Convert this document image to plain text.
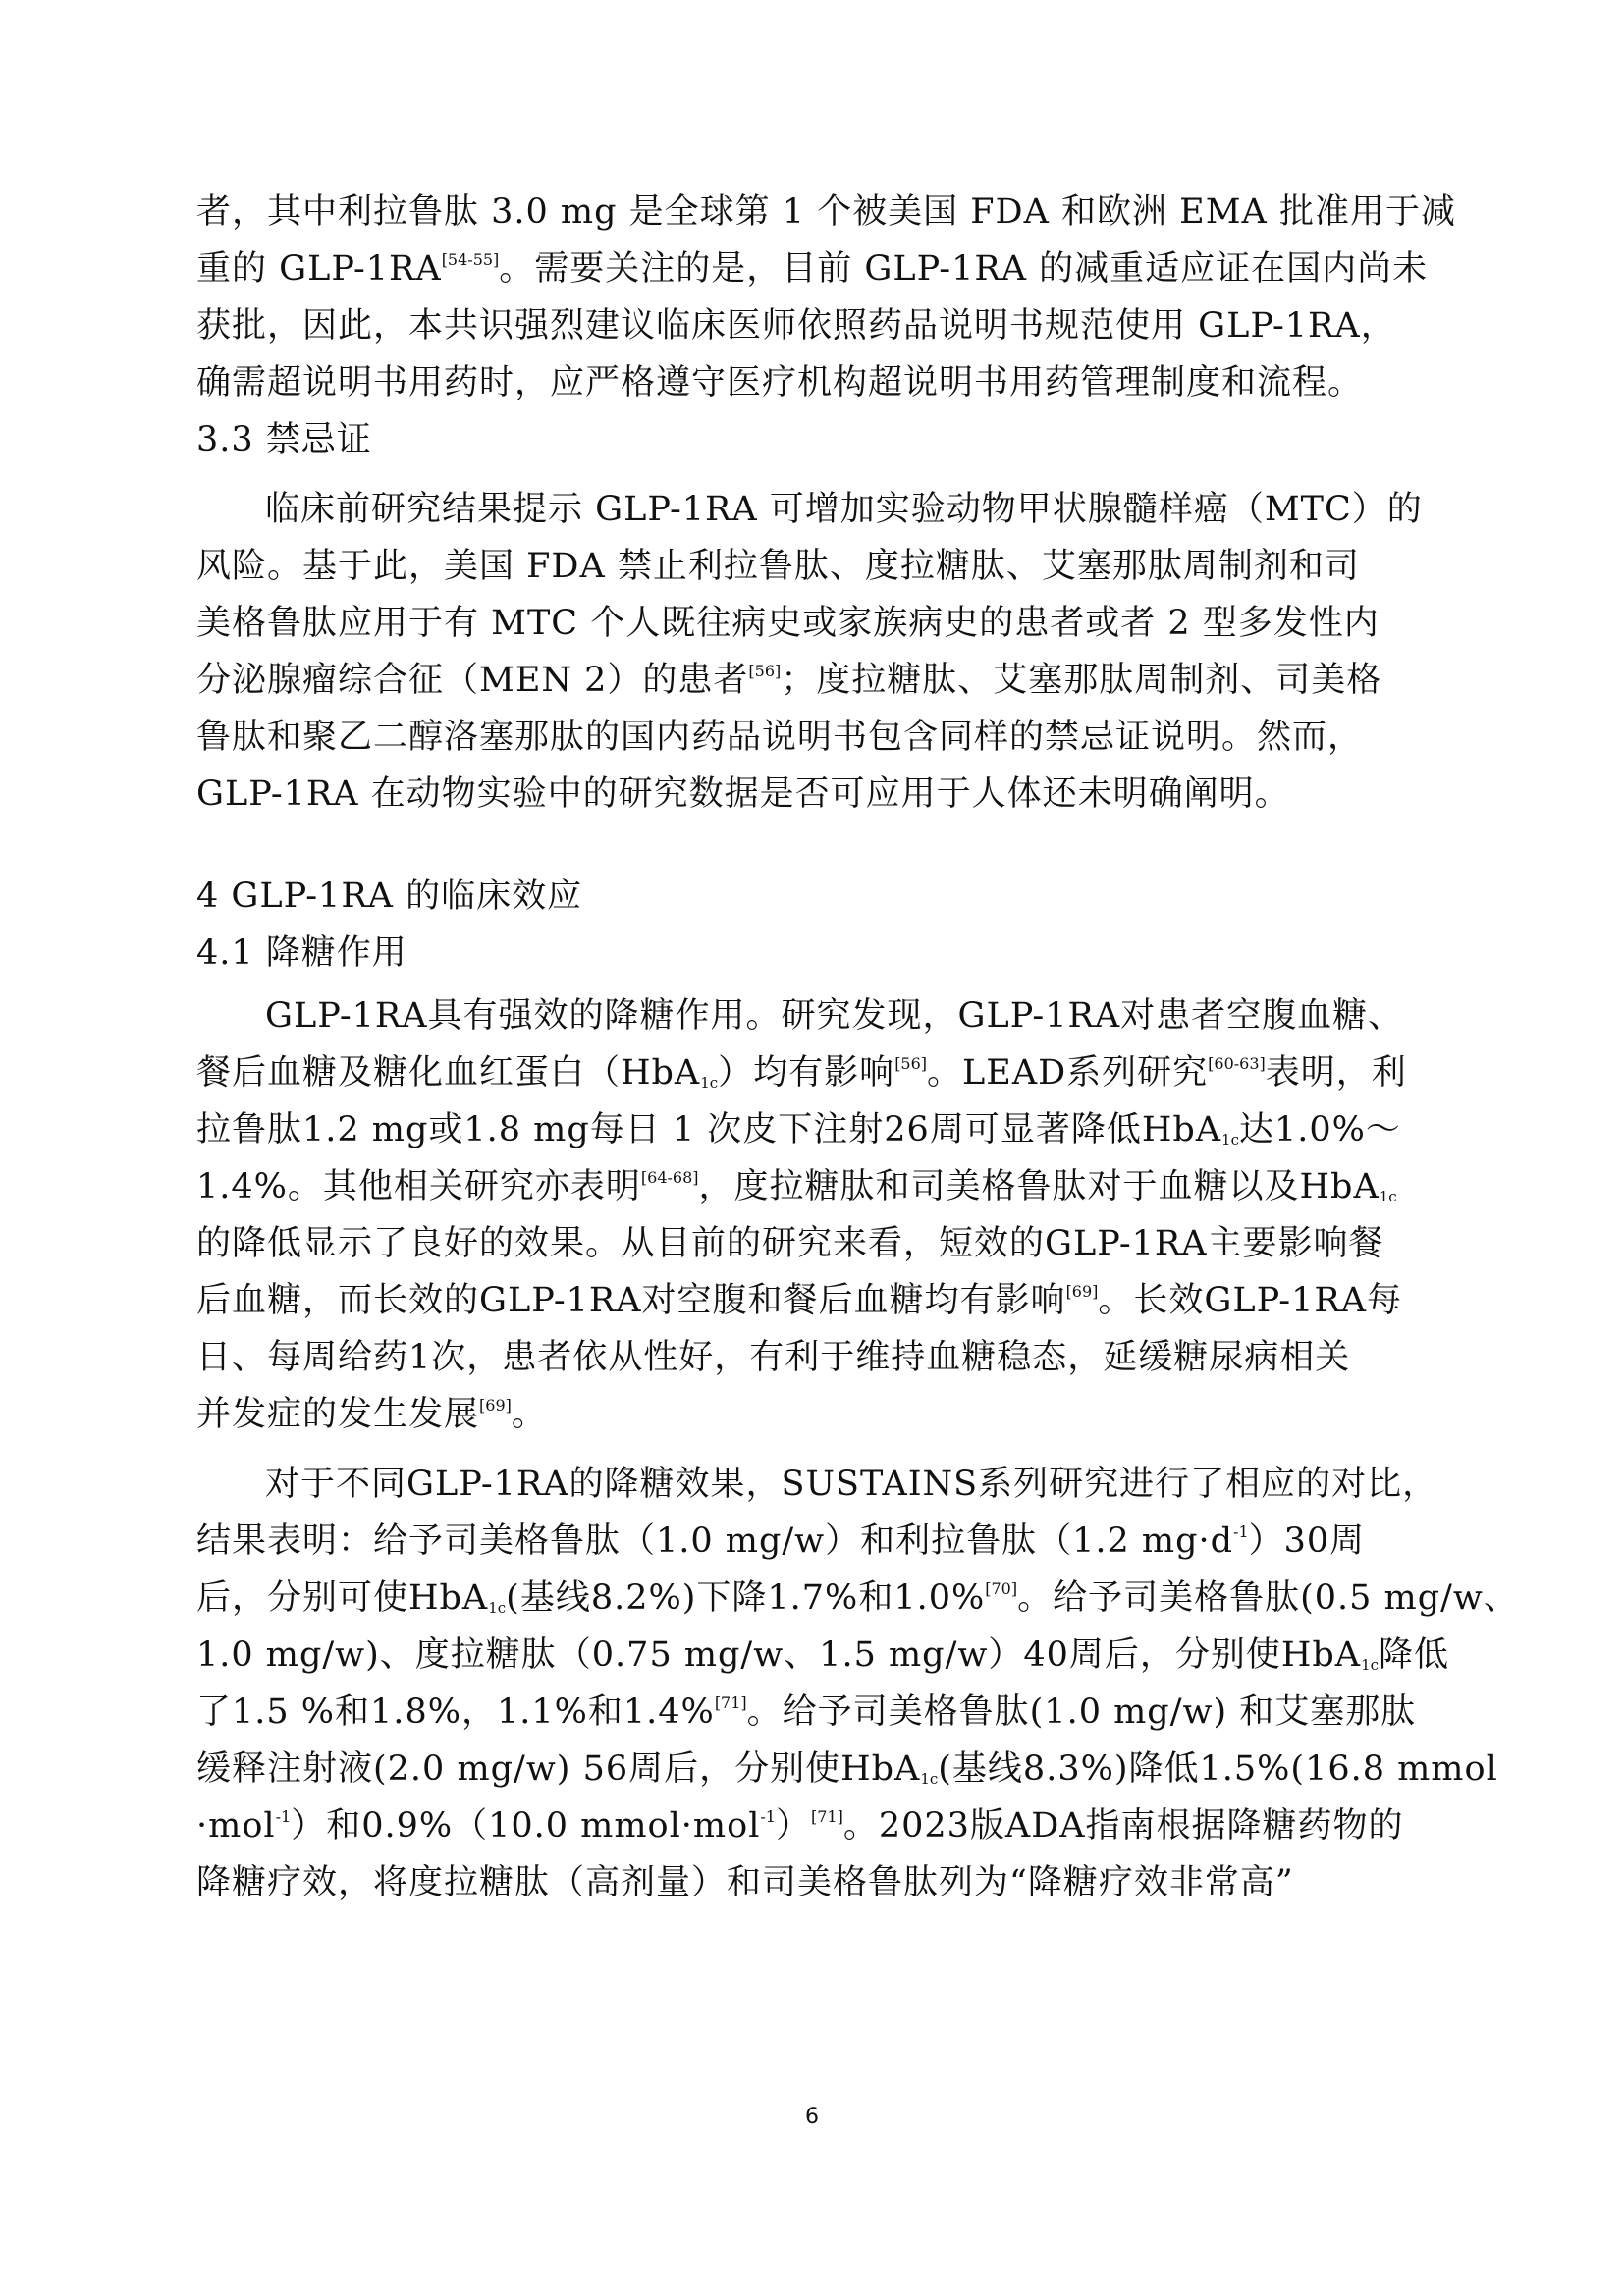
者，其中利拉鲁肽 3.0 mg 是全球第 1 个被美国 FDA 和欧洲 EMA 批准用于减
重的 GLP-1RA[54-55]。需要关注的是，目前 GLP-1RA 的减重适应证在国内尚未
获批，因此，本共识强烈建议临床医师依照药品说明书规范使用 GLP-1RA，
确需超说明书用药时，应严格遵守医疗机构超说明书用药管理制度和流程。
3.3 禁忌证
临床前研究结果提示 GLP-1RA 可增加实验动物甲状腺髓样癌（MTC）的
风险。基于此，美国 FDA 禁止利拉鲁肽、度拉糖肽、艾塞那肽周制剂和司
美格鲁肽应用于有 MTC 个人既往病史或家族病史的患者或者 2 型多发性内
分泌腺瘤综合征（MEN 2）的患者[56]；度拉糖肽、艾塞那肽周制剂、司美格
鲁肽和聚乙二醇洛塞那肽的国内药品说明书包含同样的禁忌证说明。然而，
GLP-1RA 在动物实验中的研究数据是否可应用于人体还未明确阐明。
4 GLP-1RA 的临床效应
4.1 降糖作用
GLP-1RA具有强效的降糖作用。研究发现，GLP-1RA对患者空腹血糖、
餐后血糖及糖化血红蛋白（HbA$_{1c}$）均有影响[56]。LEAD系列研究[60-63]表明，利
拉鲁肽1.2 mg或1.8 mg每日 1 次皮下注射26周可显著降低HbA$_{1c}$达1.0%～
1.4%。其他相关研究亦表明[64-68]，度拉糖肽和司美格鲁肽对于血糖以及HbA$_{1c}$
的降低显示了良好的效果。从目前的研究来看，短效的GLP-1RA主要影响餐
后血糖，而长效的GLP-1RA对空腹和餐后血糖均有影响[69]。长效GLP-1RA每
日、每周给药1次，患者依从性好，有利于维持血糖稳态，延缓糖尿病相关
并发症的发生发展[69]。
对于不同GLP-1RA的降糖效果，SUSTAINS系列研究进行了相应的对比，
结果表明：给予司美格鲁肽（1.0 mg/w）和利拉鲁肽（1.2 $mg\cdot d^{-1})30$周
后，分别可使HbA$_{1c}$(基线8.2%)下降1.7%和1.0%[70]。给予司美格鲁肽(0.5 mg/w、
1.0 mg/w)、度拉糖肽（0.75 mg/w、1.5 mg/w）40周后，分别使HbA$_{1c}$降低
了1.5 %和1.8%，1.1%和1.4%[71]。给予司美格鲁肽(1.0 mg/w) 和艾塞那肽
缓释注射液(2.0 mg/w) 56周后，分别使HbA$_{1c}$(基线8.3%)降低1.5%(16.8 mmol
·mol$^{-1}$）和0.9%（10.0 mmol·mol$^{-1}$）[71]。2023版ADA指南根据降糖药物的
降糖疗效，将度拉糖肽（高剂量）和司美格鲁肽列为“降糖疗效非常高”
6
